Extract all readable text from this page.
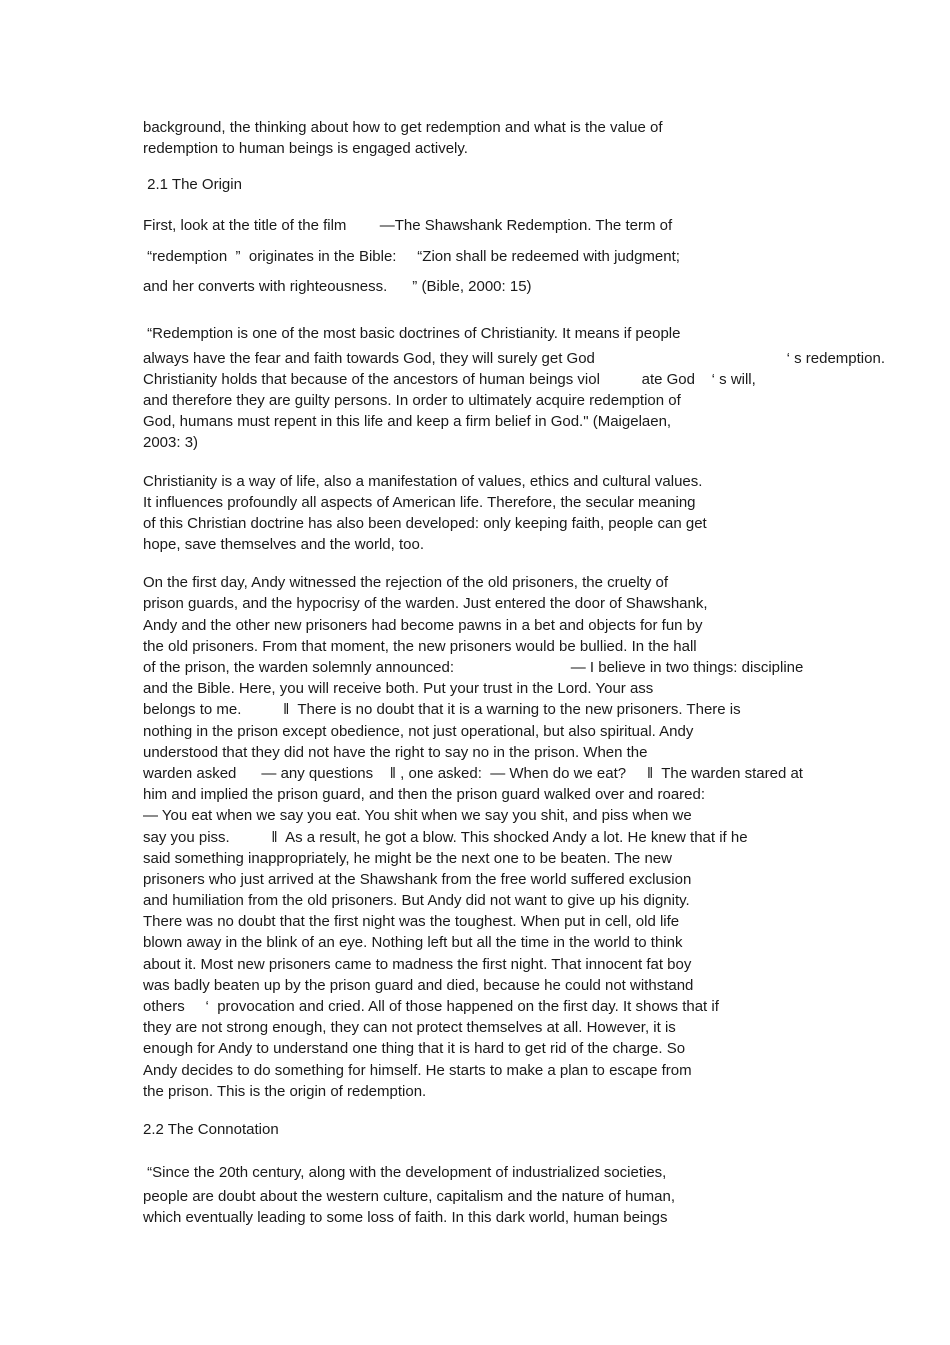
background, the thinking about how to get redemption and what is the value of
redemption to human beings is engaged actively.
2.1 The Origin
First, look at the title of the film        —The Shawshank Redemption. The term of
“redemption  ”  originates in the Bible:     “Zion shall be redeemed with judgment;
and her converts with righteousness.      ” (Bible, 2000: 15)
“Redemption is one of the most basic doctrines of Christianity. It means if people
always have the fear and faith towards God, they will surely get God                                              ‘ s redemption.
Christianity holds that because of the ancestors of human beings viol          ate God    ‘ s will,
and therefore they are guilty persons. In order to ultimately acquire redemption of
God, humans must repent in this life and keep a firm belief in God." (Maigelaen,
2003: 3)
Christianity is a way of life, also a manifestation of values, ethics and cultural values.
It influences profoundly all aspects of American life. Therefore, the secular meaning
of this Christian doctrine has also been developed: only keeping faith, people can get
hope, save themselves and the world, too.
On the first day, Andy witnessed the rejection of the old prisoners, the cruelty of
prison guards, and the hypocrisy of the warden. Just entered the door of Shawshank,
Andy and the other new prisoners had become pawns in a bet and objects for fun by
the old prisoners. From that moment, the new prisoners would be bullied. In the hall
of the prison, the warden solemnly announced:                            — I believe in two things: discipline
and the Bible. Here, you will receive both. Put your trust in the Lord. Your ass
belongs to me.          ‖  There is no doubt that it is a warning to the new prisoners. There is
nothing in the prison except obedience, not just operational, but also spiritual. Andy
understood that they did not have the right to say no in the prison. When the
warden asked      — any questions    ‖ , one asked:  — When do we eat?     ‖  The warden stared at
him and implied the prison guard, and then the prison guard walked over and roared:
— You eat when we say you eat. You shit when we say you shit, and piss when we
say you piss.          ‖  As a result, he got a blow. This shocked Andy a lot. He knew that if he
said something inappropriately, he might be the next one to be beaten. The new
prisoners who just arrived at the Shawshank from the free world suffered exclusion
and humiliation from the old prisoners. But Andy did not want to give up his dignity.
There was no doubt that the first night was the toughest. When put in cell, old life
blown away in the blink of an eye. Nothing left but all the time in the world to think
about it. Most new prisoners came to madness the first night. That innocent fat boy
was badly beaten up by the prison guard and died, because he could not withstand
others     ‘  provocation and cried. All of those happened on the first day. It shows that if
they are not strong enough, they can not protect themselves at all. However, it is
enough for Andy to understand one thing that it is hard to get rid of the charge. So
Andy decides to do something for himself. He starts to make a plan to escape from
the prison. This is the origin of redemption.
2.2 The Connotation
“Since the 20th century, along with the development of industrialized societies,
people are doubt about the western culture, capitalism and the nature of human,
which eventually leading to some loss of faith. In this dark world, human beings
